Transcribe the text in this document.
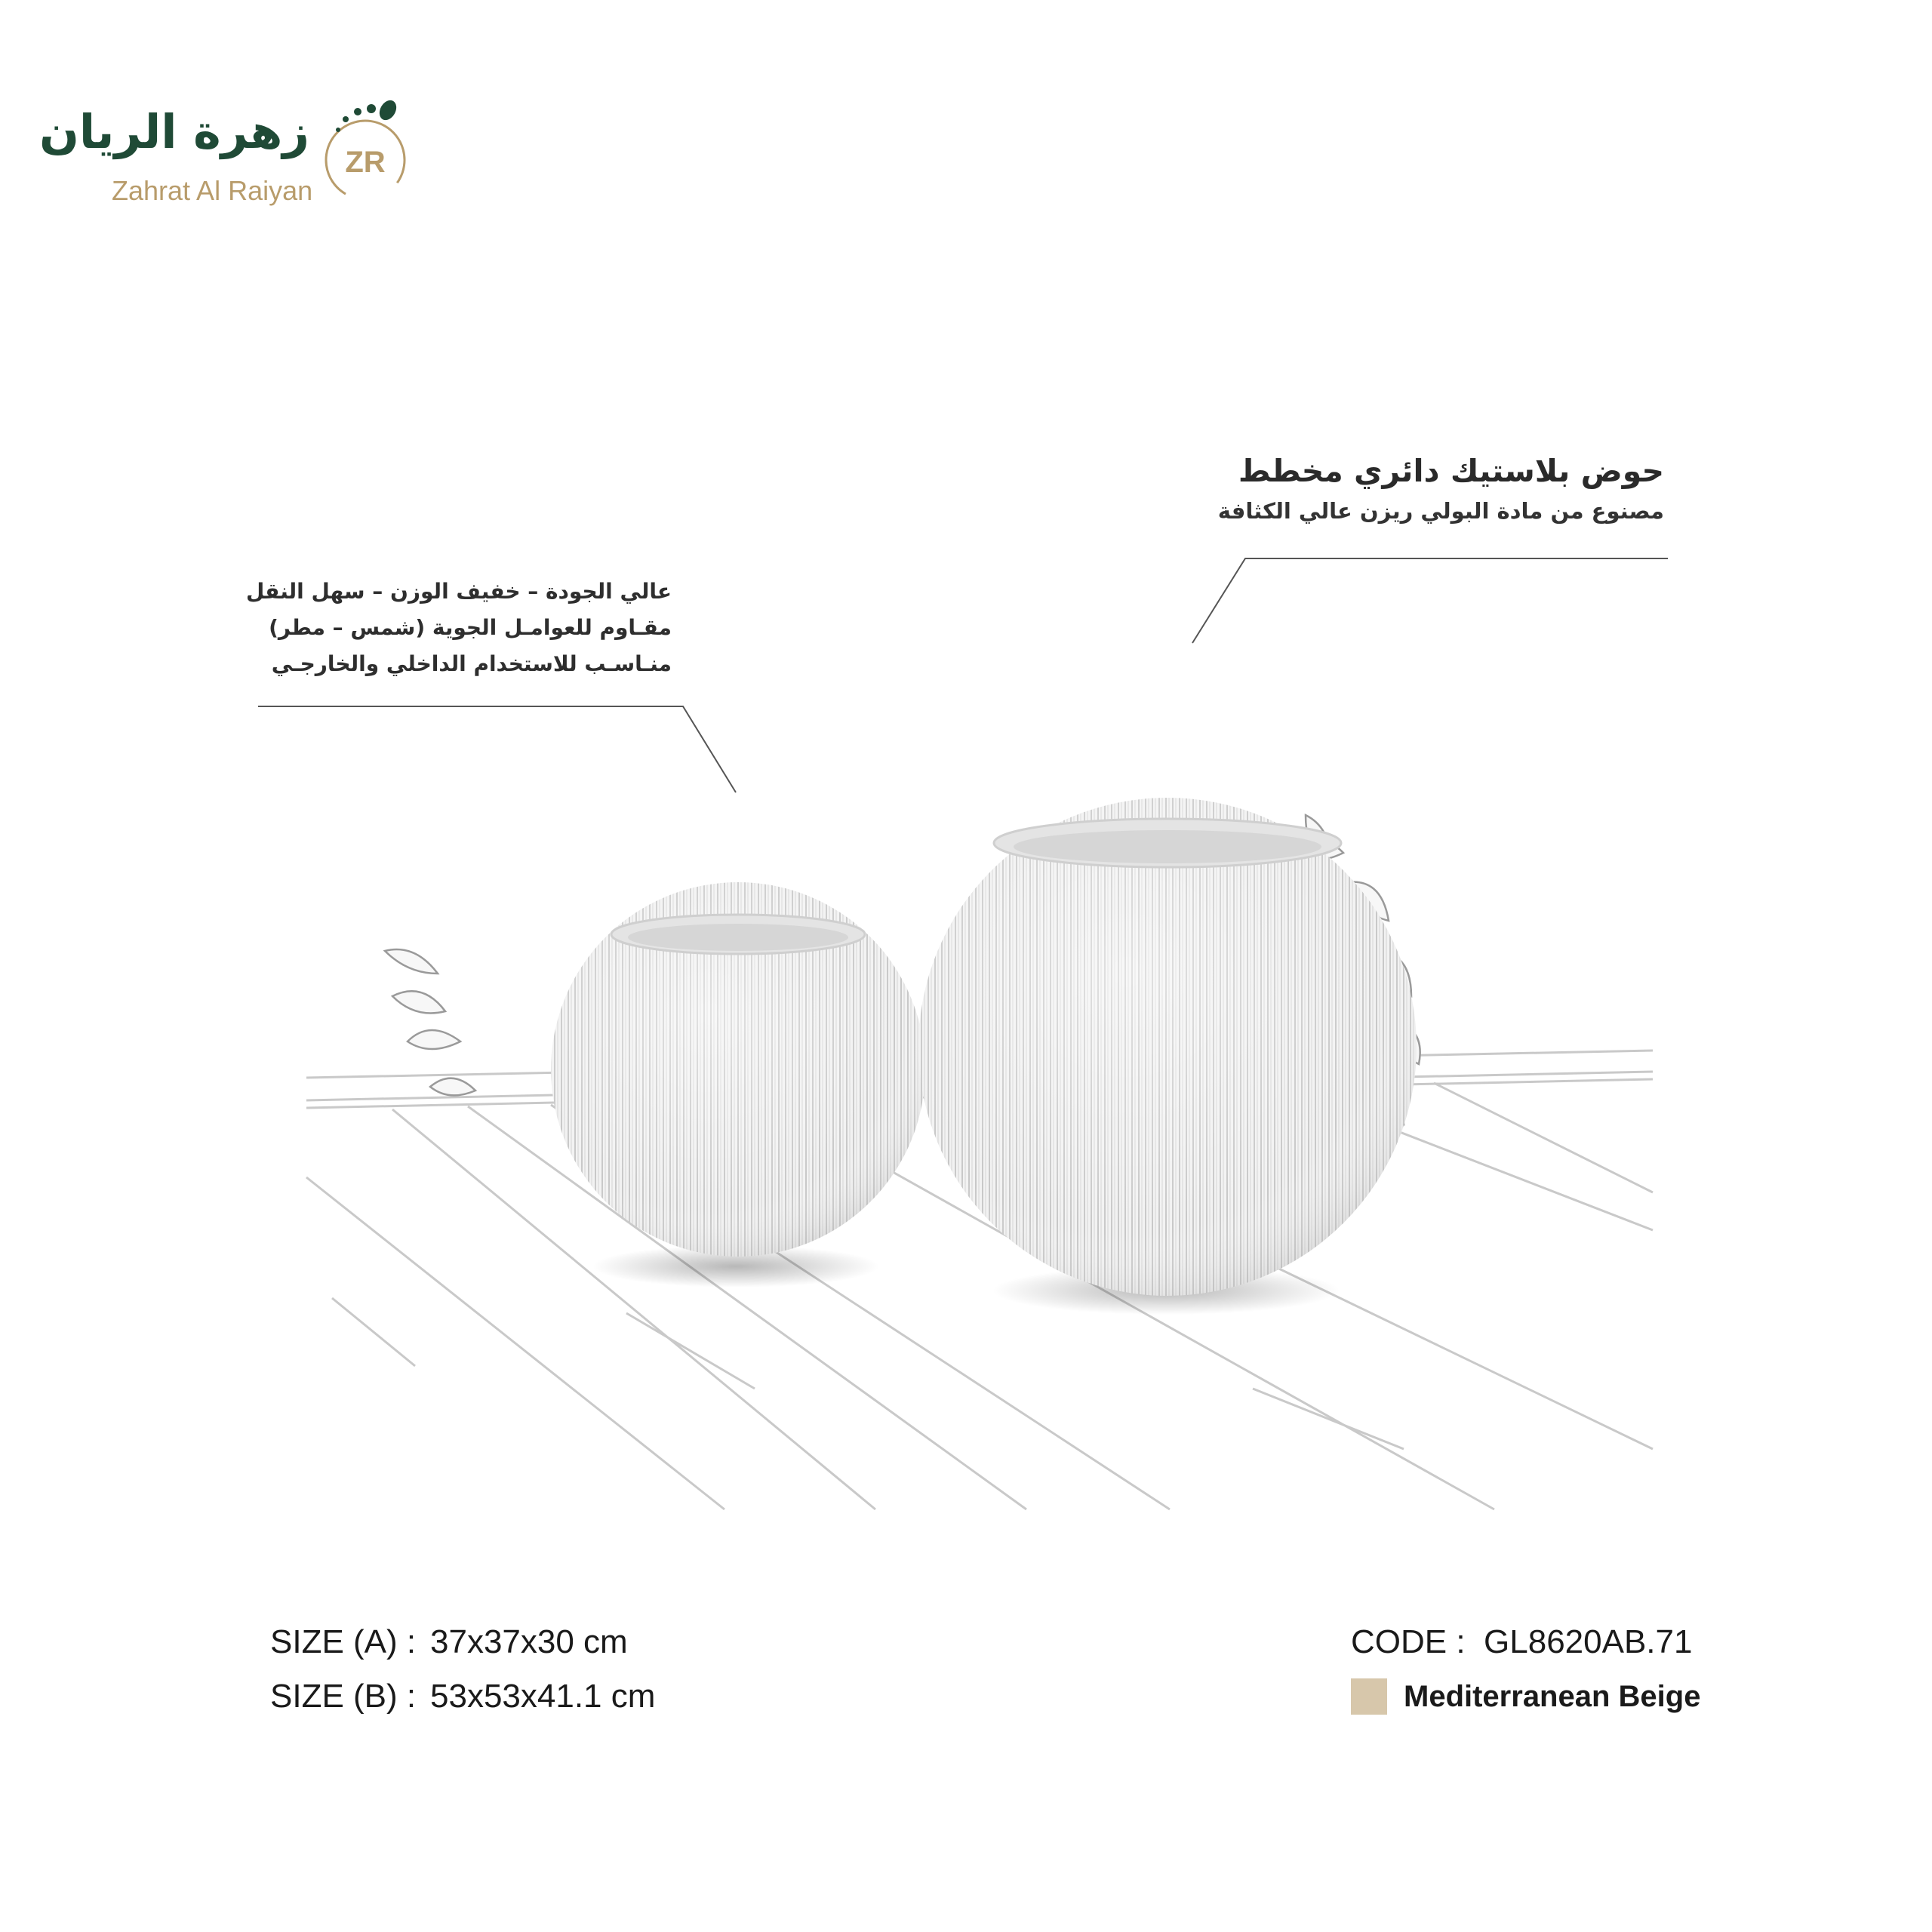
زهرة الريان
Zahrat Al Raiyan
ZR
حوض بلاستيك دائري مخطط
مصنوع من مادة البولي ريزن عالي الكثافة
عالي الجودة – خفيف الوزن – سهل النقل
مقـاوم للعوامـل الجوية (شمس – مطر)
منـاسـب للاستخدام الداخلي والخارجـي
SIZE (A) : 37x37x30 cm
SIZE (B) : 53x53x41.1 cm
CODE : GL8620AB.71
Mediterranean Beige
